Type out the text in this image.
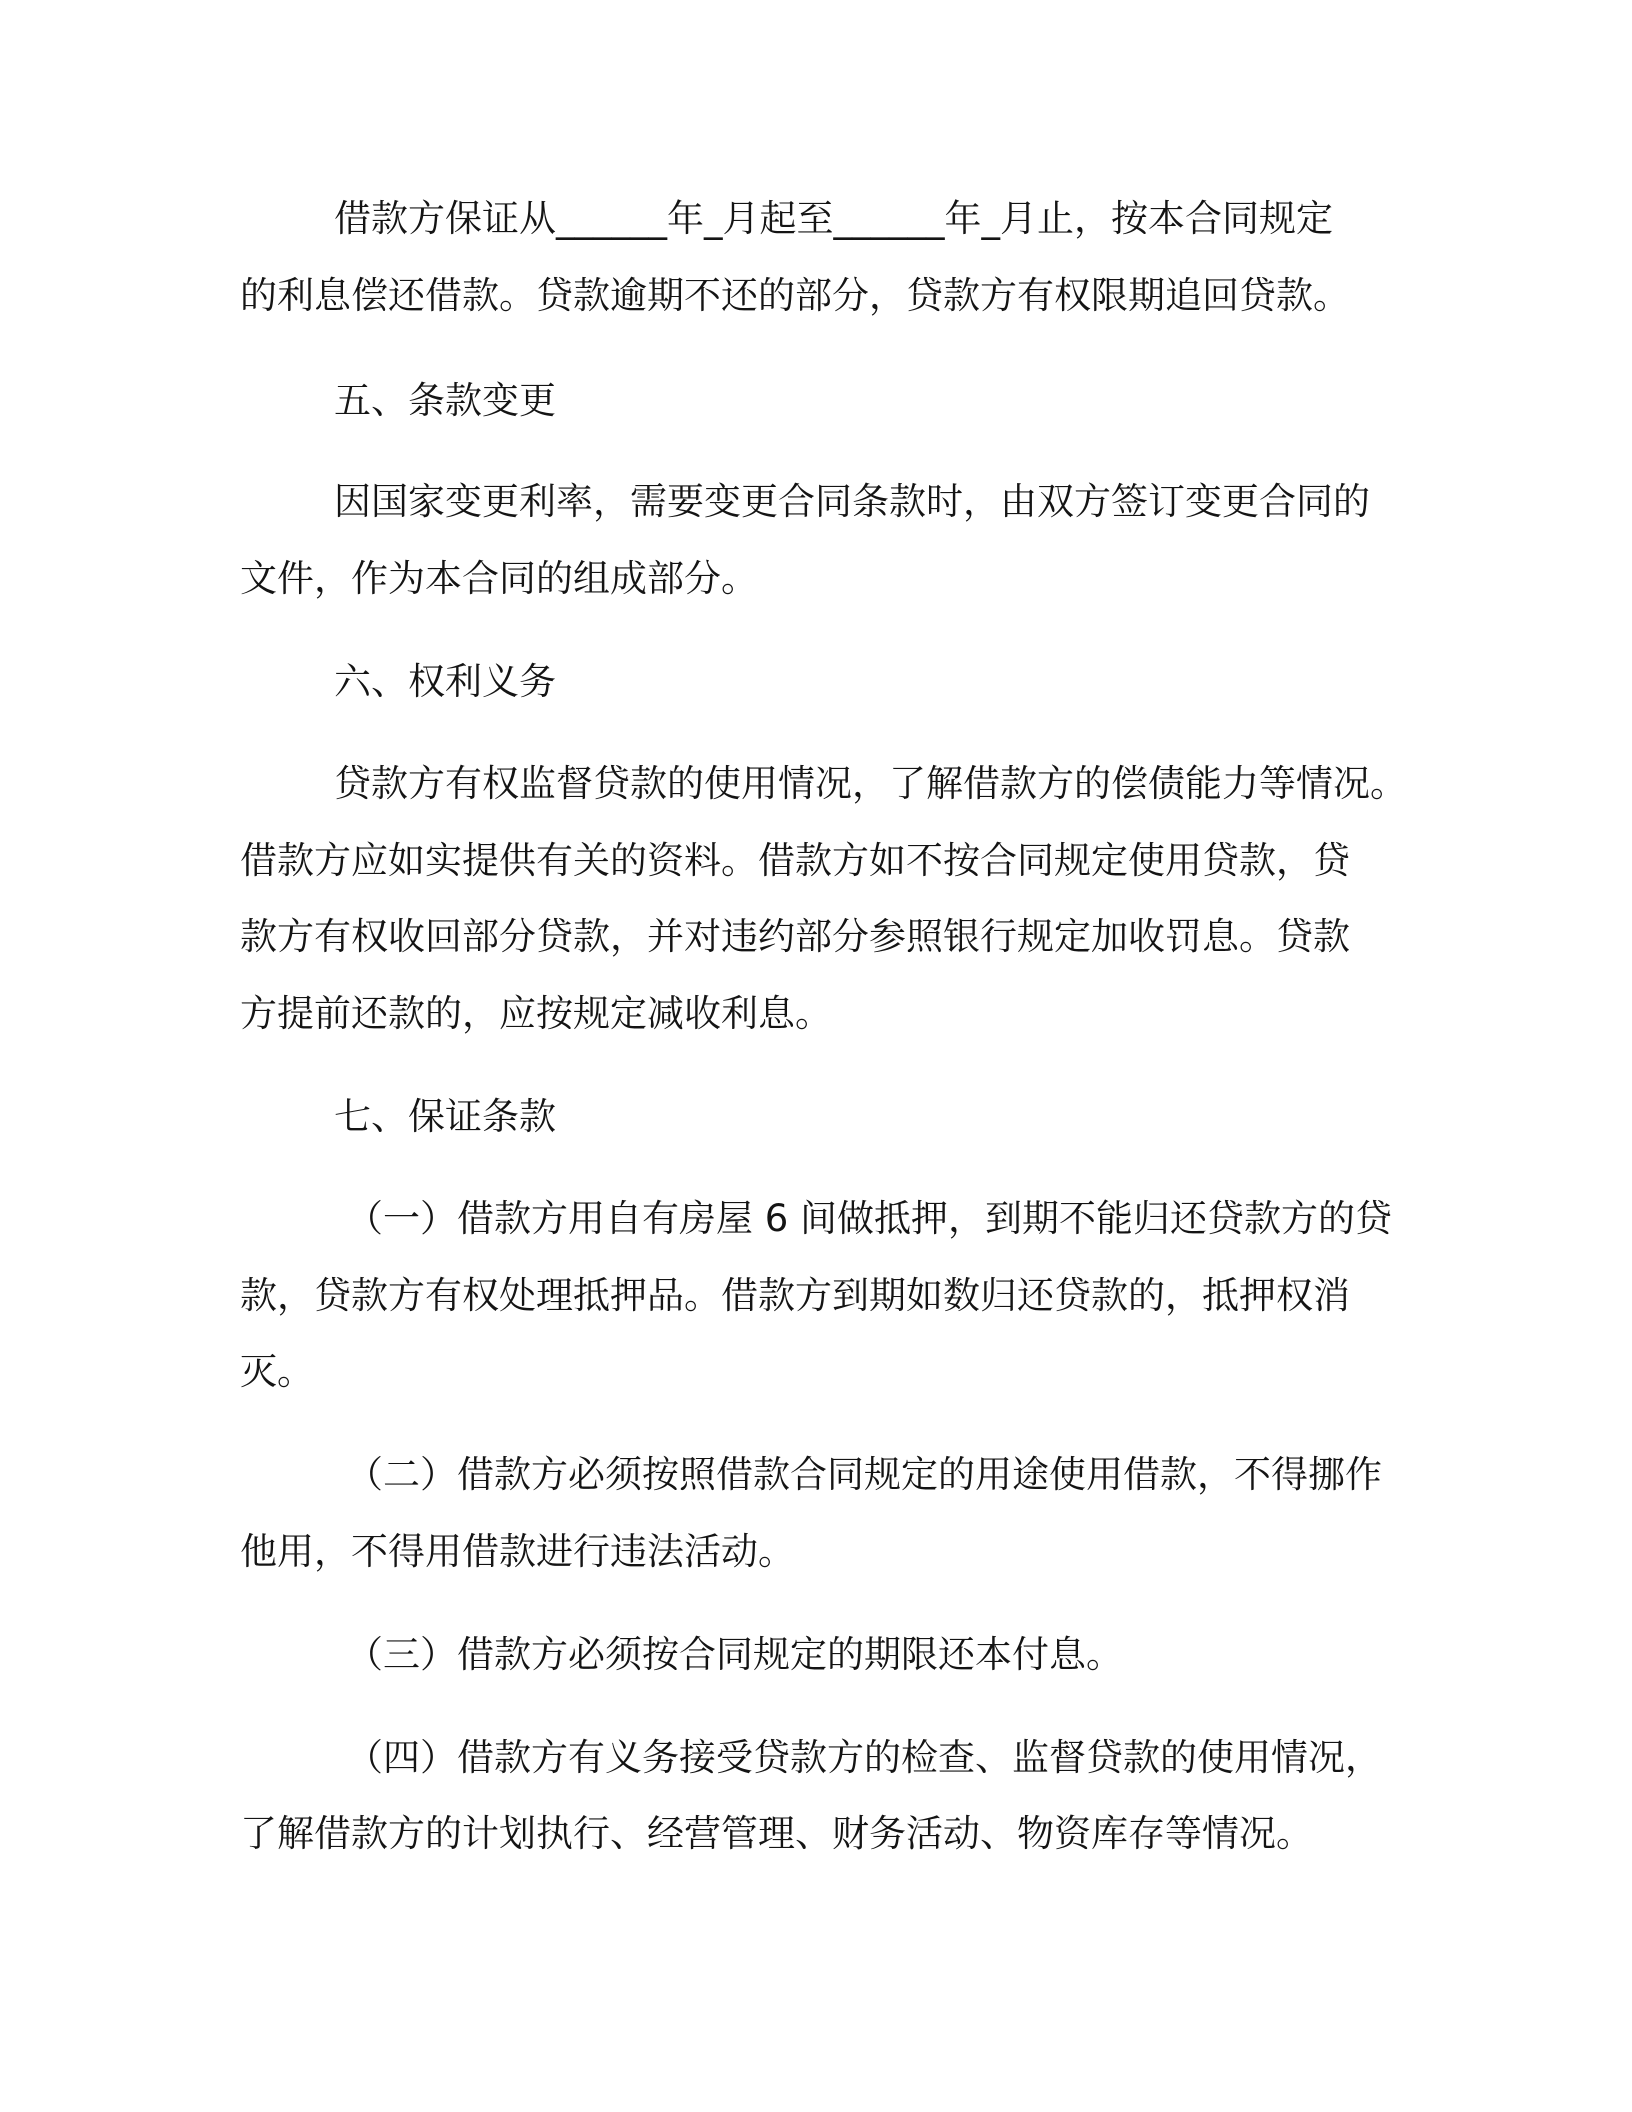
借款方保证从______年_月起至______年_月止，按本合同规定
的利息偿还借款。贷款逾期不还的部分，贷款方有权限期追回贷款。
五、条款变更
因国家变更利率，需要变更合同条款时，由双方签订变更合同的
文件，作为本合同的组成部分。
六、权利义务
贷款方有权监督贷款的使用情况，了解借款方的偿债能力等情况。
借款方应如实提供有关的资料。借款方如不按合同规定使用贷款，贷
款方有权收回部分贷款，并对违约部分参照银行规定加收罚息。贷款
方提前还款的，应按规定减收利息。
七、保证条款
（一）借款方用自有房屋 6 间做抵押，到期不能归还贷款方的贷
款，贷款方有权处理抵押品。借款方到期如数归还贷款的，抵押权消
灭。
（二）借款方必须按照借款合同规定的用途使用借款，不得挪作
他用，不得用借款进行违法活动。
（三）借款方必须按合同规定的期限还本付息。
（四）借款方有义务接受贷款方的检查、监督贷款的使用情况，
了解借款方的计划执行、经营管理、财务活动、物资库存等情况。
